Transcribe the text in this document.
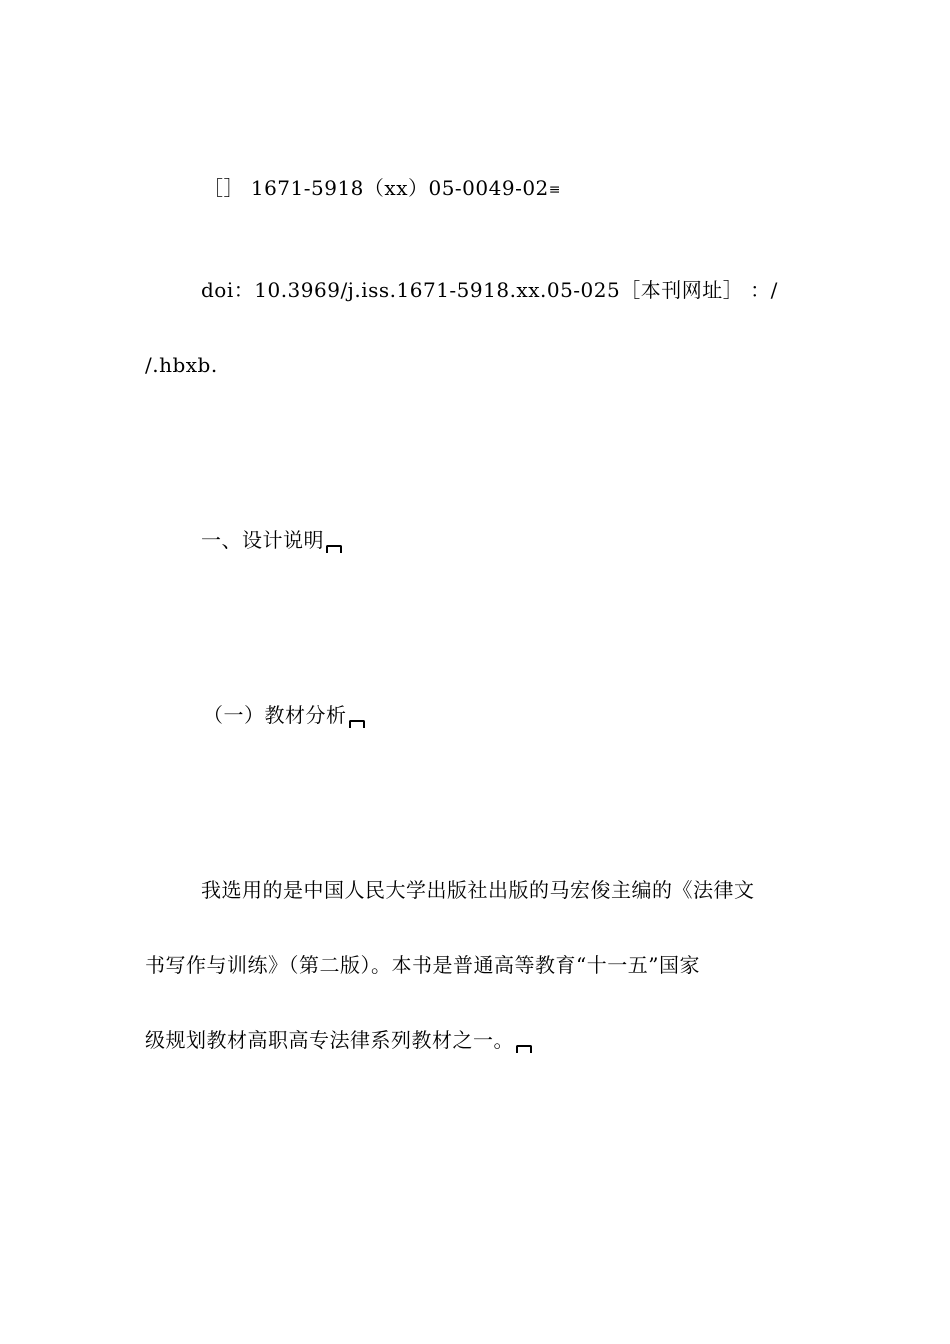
［］ 1671-5918（xx）05-0049-02≡
doi：10.3969/j.iss.1671-5918.xx.05-025［本刊网址］ ：/
/.hbxb.
一、设计说明
（一）教材分析
我选用的是中国人民大学出版社出版的马宏俊主编的《法律文
书写作与训练》（第二版）。本书是普通高等教育“十一五”国家
级规划教材高职高专法律系列教材之一。
